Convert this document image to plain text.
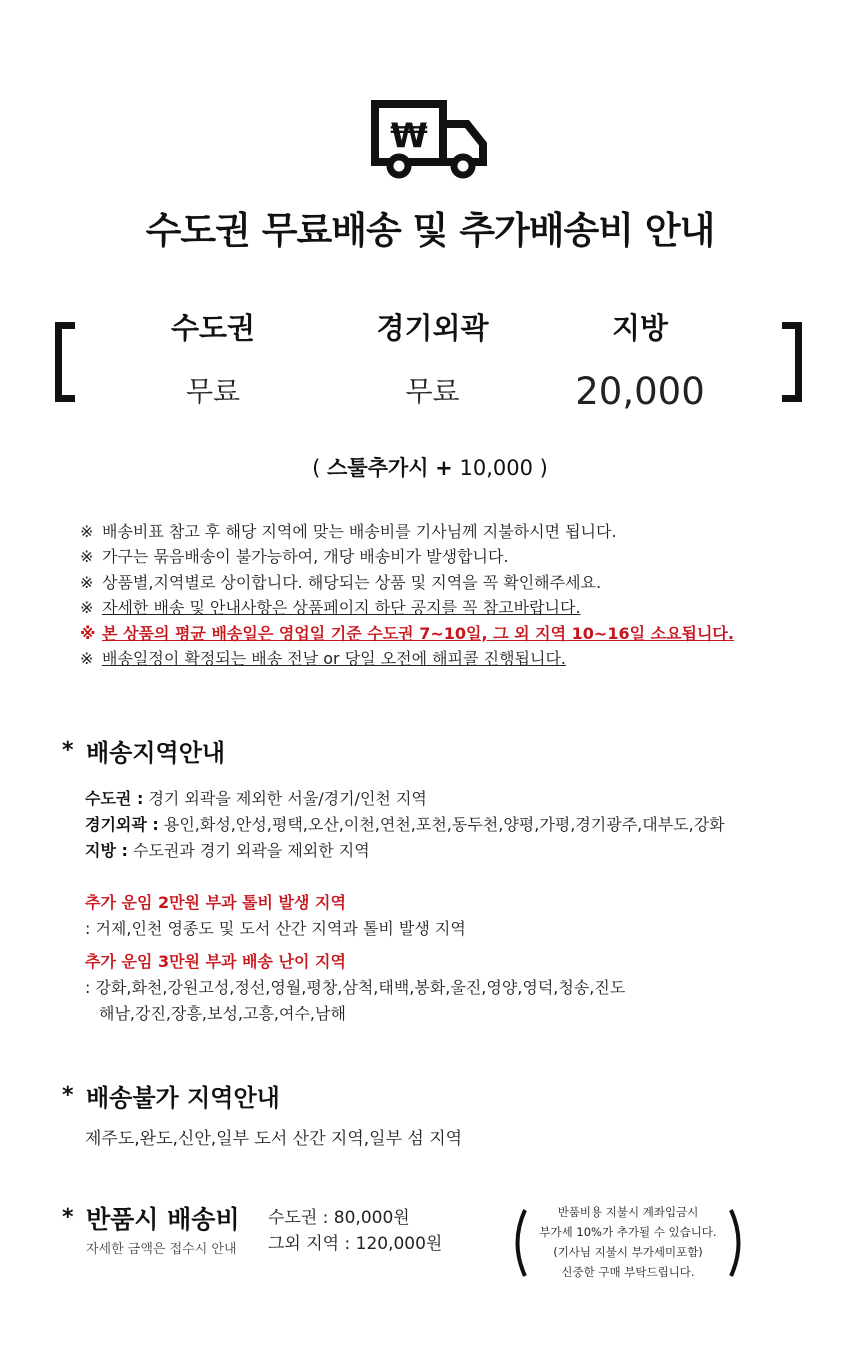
₩
수도권 무료배송 및 추가배송비 안내
수도권
무료
경기외곽
무료
지방
20,000
( 스툴추가시 + 10,000 )
※ 배송비표 참고 후 해당 지역에 맞는 배송비를 기사님께 지불하시면 됩니다.
※ 가구는 묶음배송이 불가능하여, 개당 배송비가 발생합니다.
※ 상품별,지역별로 상이합니다. 해당되는 상품 및 지역을 꼭 확인해주세요.
※ 자세한 배송 및 안내사항은 상품페이지 하단 공지를 꼭 참고바랍니다.
※ 본 상품의 평균 배송일은 영업일 기준 수도권 7~10일, 그 외 지역 10~16일 소요됩니다.
※ 배송일정이 확정되는 배송 전날 or 당일 오전에 해피콜 진행됩니다.
* 배송지역안내
수도권 : 경기 외곽을 제외한 서울/경기/인천 지역
경기외곽 : 용인,화성,안성,평택,오산,이천,연천,포천,동두천,양평,가평,경기광주,대부도,강화
지방 : 수도권과 경기 외곽을 제외한 지역
추가 운임 2만원 부과 톨비 발생 지역
: 거제,인천 영종도 및 도서 산간 지역과 톨비 발생 지역
추가 운임 3만원 부과 배송 난이 지역
: 강화,화천,강원고성,정선,영월,평창,삼척,태백,봉화,울진,영양,영덕,청송,진도
해남,강진,장흥,보성,고흥,여수,남해
* 배송불가 지역안내
제주도,완도,신안,일부 도서 산간 지역,일부 섬 지역
* 반품시 배송비
자세한 금액은 접수시 안내
수도권 : 80,000원
그외 지역 : 120,000원
반품비용 지불시 계좌입금시
부가세 10%가 추가될 수 있습니다.
(기사님 지불시 부가세미포함)
신중한 구매 부탁드립니다.
